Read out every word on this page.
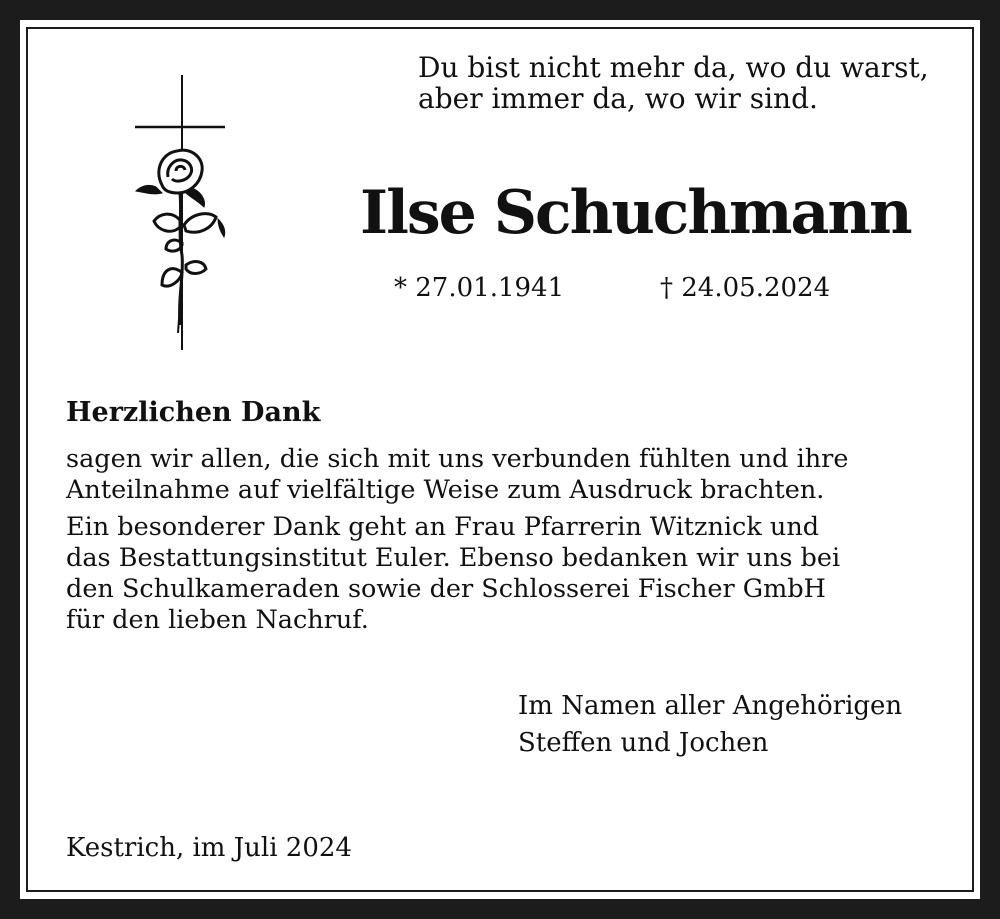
Du bist nicht mehr da, wo du warst,
aber immer da, wo wir sind.
Ilse Schuchmann
* 27.01.1941	† 24.05.2024
Herzlichen Dank
sagen wir allen, die sich mit uns verbunden fühlten und ihre
Anteilnahme auf vielfältige Weise zum Ausdruck brachten.
Ein besonderer Dank geht an Frau Pfarrerin Witznick und
das Bestattungsinstitut Euler. Ebenso bedanken wir uns bei
den Schulkameraden sowie der Schlosserei Fischer GmbH
für den lieben Nachruf.
Im Namen aller Angehörigen
Steffen und Jochen
Kestrich, im Juli 2024
